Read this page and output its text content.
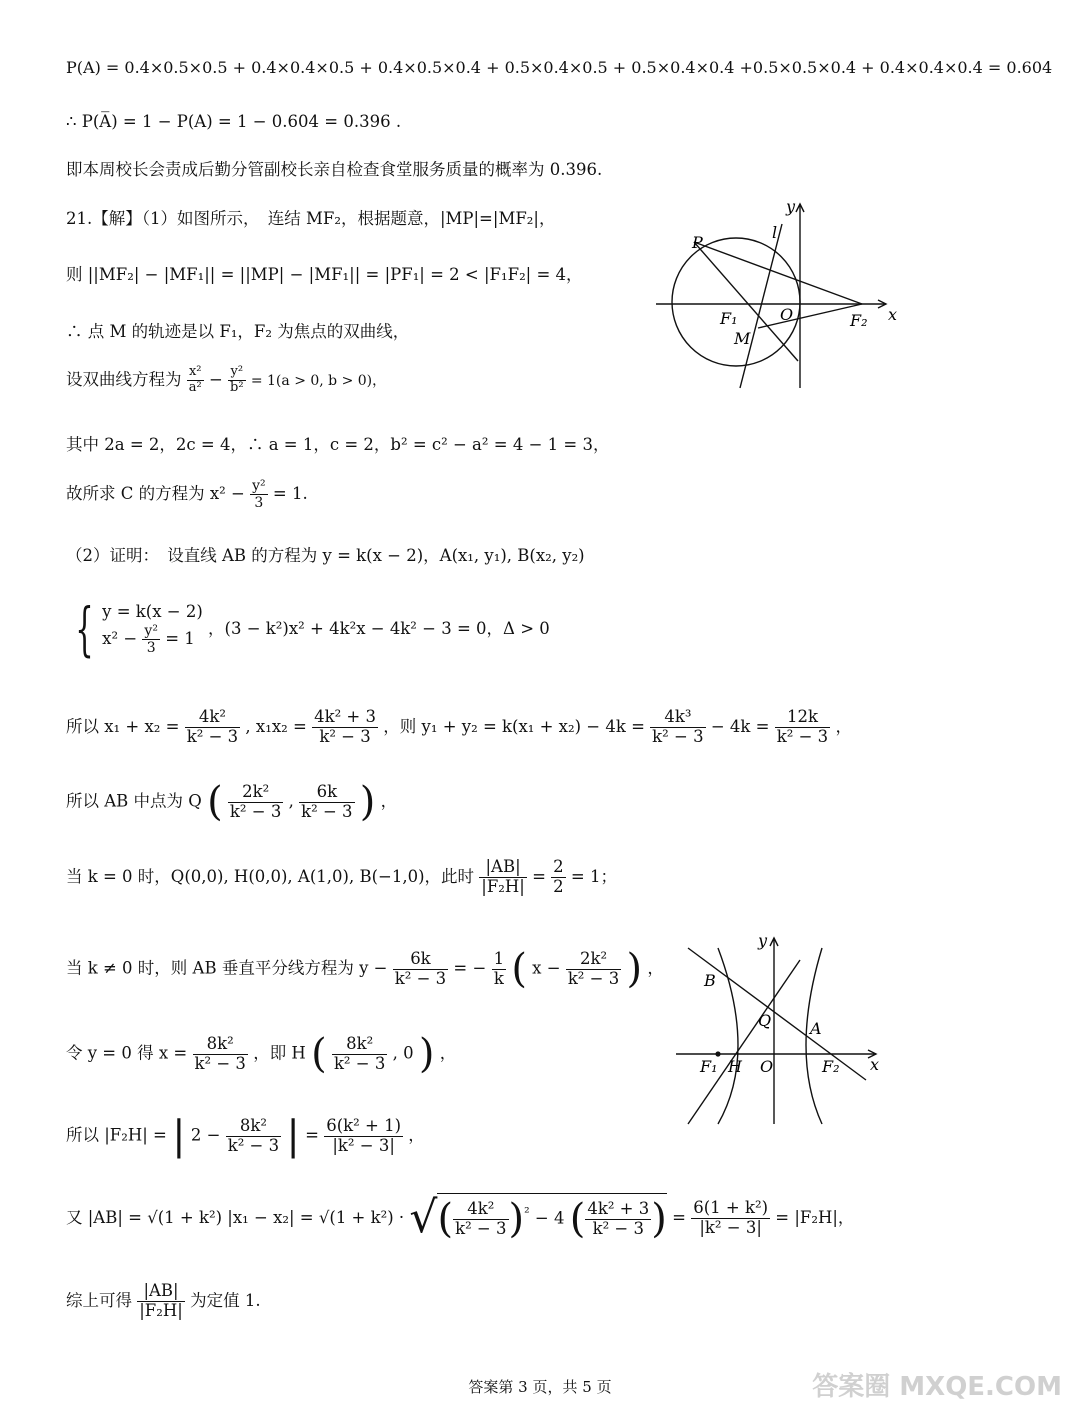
P(A) = 0.4×0.5×0.5 + 0.4×0.4×0.5 + 0.4×0.5×0.4 + 0.5×0.4×0.5 + 0.5×0.4×0.4 +0.5×0.5×0.4 + 0.4×0.4×0.4 = 0.604
∴ P(A̅) = 1 − P(A) = 1 − 0.604 = 0.396 .
即本周校长会责成后勤分管副校长亲自检查食堂服务质量的概率为 0.396.
21.【解】（1）如图所示，　连结 MF₂，根据题意，|MP|=|MF₂|，
则 ||MF₂| − |MF₁|| = ||MP| − |MF₁|| = |PF₁| = 2 < |F₁F₂| = 4，
∴ 点 M 的轨迹是以 F₁，F₂ 为焦点的双曲线，
设双曲线方程为 $\frac{\text{x²}}{\text{a²}} - \frac{\text{y²}}{\text{b²}} = 1(a > 0$, b > 0)，
其中 2a = 2，2c = 4，∴ a = 1，c = 2，b² = c² − a² = 4 − 1 = 3，
故所求 C 的方程为 $x^2 - \frac{\text{y²}}{3} = 1$.
（2）证明：　设直线 AB 的方程为 y = k(x − 2)，A(x₁, y₁), B(x₂, y₂)
{ y = k(x − 2)
$x^2 - \frac{\text{y²}}{3} = 1$
，(3 − k²)x² + 4k²x − 4k² − 3 = 0，Δ > 0
所以 $x_1 + x_2 = \frac{\text{4k²}}{\text{k² − 3}}$ , $x_1x_2 = \frac{\text{4k² + 3}}{\text{k² − 3}}$ ，则 $y_1 + y_2 = k(x_1 + x_2) - 4k = \frac{\text{4k³}}{\text{k² − 3}} - 4k = \frac{12k}{\text{k² − 3}}$ ，
所以 AB 中点为 Q ( $\frac{\text{2k²}}{\text{k² − 3}}$ , $\frac{6k}{\text{k² − 3}}$ ) ，
当 k = 0 时，Q(0,0), H(0,0), A(1,0), B(−1,0)，此时 $\frac{|AB|}{\text{|F₂H|}} = \frac{2}{2} = 1$；
当 k ≠ 0 时，则 AB 垂直平分线方程为 $y - \frac{6k}{\text{k² − 3}}$ = − $\frac{1}{k}$ ( $x - \frac{\text{2k²}}{\text{k² − 3}}$ ) ，
令 y = 0 得 $x = \frac{\text{8k²}}{\text{k² − 3}}$ ，即 H ( $\frac{\text{8k²}}{\text{k² − 3}}$ , 0 ) ，
所以 |F₂H| = | $2 - \frac{\text{8k²}}{\text{k² − 3}}$ | = $\frac{\text{6(k² + 1)}}{\text{|k² − 3|}}$ ，
又 |AB| = √(1 + k²) |x₁ − x₂| = √(1 + k²) · √( $\frac{\text{4k²}}{\text{k² − 3}} )^{^2} - 4$ ( $\frac{\text{4k² + 3}}{\text{k² − 3}}$ ) = $\frac{\text{6(1 + k²)}}{\text{|k² − 3|}} = |F_2H|$，
综上可得 $\frac{|AB|}{\text{|F₂H|}}$ 为定值 1.
y
l
P
F₁	O	F₂ x
M
y
B
Q A
F₁ H O	F₂ x
答案第 3 页，共 5 页	答案圈 MXQE.COM
